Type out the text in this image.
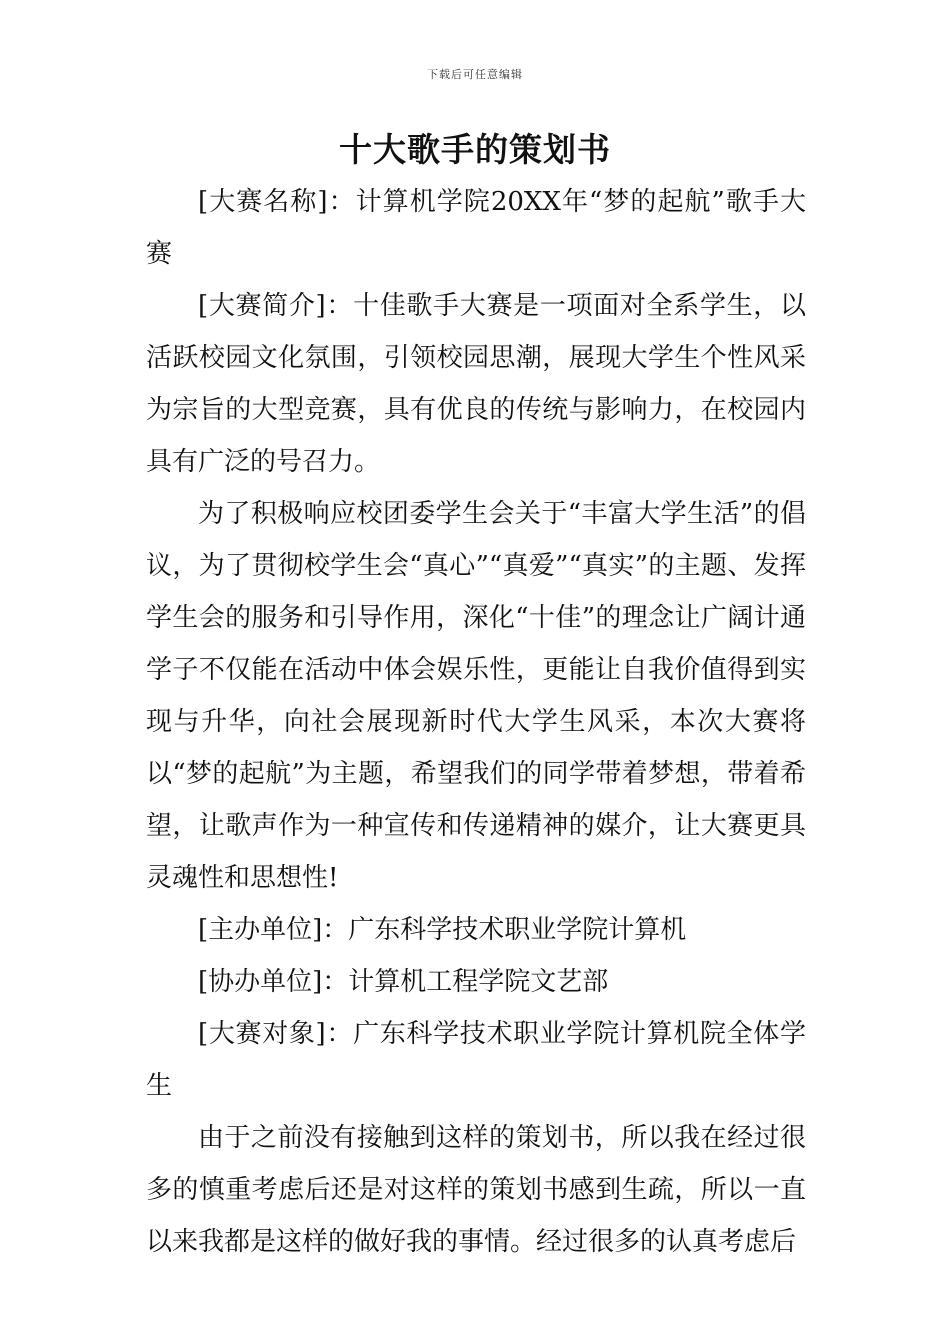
下载后可任意编辑
十大歌手的策划书

[大赛名称]：计算机学院20XX年“梦的起航”歌手大赛

[大赛简介]：十佳歌手大赛是一项面对全系学生，以活跃校园文化氛围，引领校园思潮，展现大学生个性风采为宗旨的大型竞赛，具有优良的传统与影响力，在校园内具有广泛的号召力。

为了积极响应校团委学生会关于“丰富大学生活”的倡议，为了贯彻校学生会“真心”“真爱”“真实”的主题、发挥学生会的服务和引导作用，深化“十佳”的理念让广阔计通学子不仅能在活动中体会娱乐性，更能让自我价值得到实现与升华，向社会展现新时代大学生风采，本次大赛将以“梦的起航”为主题，希望我们的同学带着梦想，带着希望，让歌声作为一种宣传和传递精神的媒介，让大赛更具灵魂性和思想性!

[主办单位]：广东科学技术职业学院计算机

[协办单位]：计算机工程学院文艺部

[大赛对象]：广东科学技术职业学院计算机院全体学生

由于之前没有接触到这样的策划书，所以我在经过很多的慎重考虑后还是对这样的策划书感到生疏，所以一直以来我都是这样的做好我的事情。经过很多的认真考虑后
